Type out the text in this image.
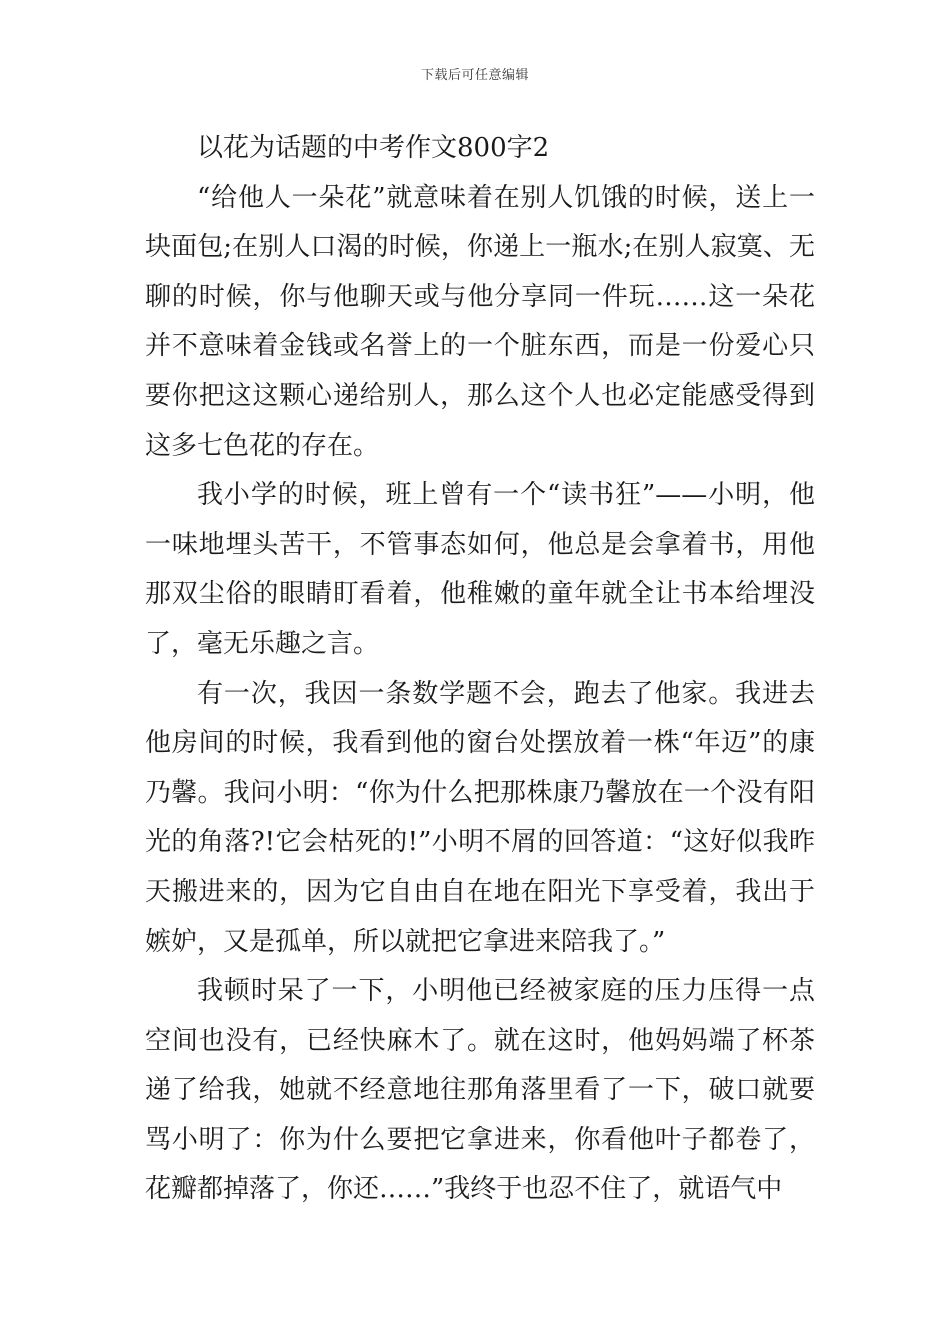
下载后可任意编辑

以花为话题的中考作文800字2

“给他人一朵花”就意味着在别人饥饿的时候，送上一块面包;在别人口渴的时候，你递上一瓶水;在别人寂寞、无聊的时候，你与他聊天或与他分享同一件玩……这一朵花并不意味着金钱或名誉上的一个脏东西，而是一份爱心只要你把这这颗心递给别人，那么这个人也必定能感受得到这多七色花的存在。

我小学的时候，班上曾有一个“读书狂”——小明，他一味地埋头苦干，不管事态如何，他总是会拿着书，用他那双尘俗的眼睛盯看着，他稚嫩的童年就全让书本给埋没了，毫无乐趣之言。

有一次，我因一条数学题不会，跑去了他家。我进去他房间的时候，我看到他的窗台处摆放着一株“年迈”的康乃馨。我问小明：“你为什么把那株康乃馨放在一个没有阳光的角落?!它会枯死的!”小明不屑的回答道：“这好似我昨天搬进来的，因为它自由自在地在阳光下享受着，我出于嫉妒，又是孤单，所以就把它拿进来陪我了。”

我顿时呆了一下，小明他已经被家庭的压力压得一点空间也没有，已经快麻木了。就在这时，他妈妈端了杯茶递了给我，她就不经意地往那角落里看了一下，破口就要骂小明了：你为什么要把它拿进来，你看他叶子都卷了，花瓣都掉落了，你还……”我终于也忍不住了，就语气中
